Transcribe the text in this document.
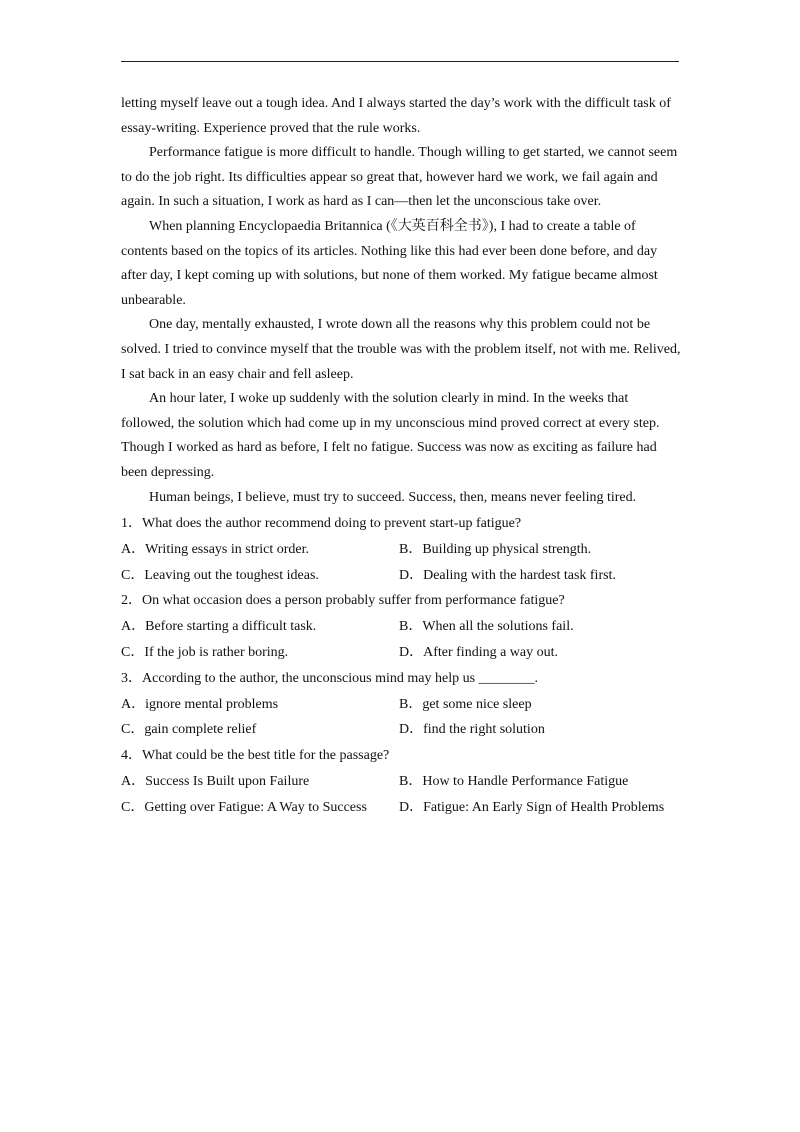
letting myself leave out a tough idea. And I always started the day’s work with the difficult task of essay-writing. Experience proved that the rule works.

Performance fatigue is more difficult to handle. Though willing to get started, we cannot seem to do the job right. Its difficulties appear so great that, however hard we work, we fail again and again. In such a situation, I work as hard as I can—then let the unconscious take over.

When planning Encyclopaedia Britannica (《大英百科全书》), I had to create a table of contents based on the topics of its articles. Nothing like this had ever been done before, and day after day, I kept coming up with solutions, but none of them worked. My fatigue became almost unbearable.

One day, mentally exhausted, I wrote down all the reasons why this problem could not be solved. I tried to convince myself that the trouble was with the problem itself, not with me. Relived, I sat back in an easy chair and fell asleep.

An hour later, I woke up suddenly with the solution clearly in mind. In the weeks that followed, the solution which had come up in my unconscious mind proved correct at every step. Though I worked as hard as before, I felt no fatigue. Success was now as exciting as failure had been depressing.

Human beings, I believe, must try to succeed. Success, then, means never feeling tired.

1．What does the author recommend doing to prevent start-up fatigue?
A．Writing essays in strict order.	B．Building up physical strength.
C．Leaving out the toughest ideas.	D．Dealing with the hardest task first.
2．On what occasion does a person probably suffer from performance fatigue?
A．Before starting a difficult task.	B．When all the solutions fail.
C．If the job is rather boring.	D．After finding a way out.
3．According to the author, the unconscious mind may help us ________.
A．ignore mental problems	B．get some nice sleep
C．gain complete relief	D．find the right solution
4．What could be the best title for the passage?
A．Success Is Built upon Failure	B．How to Handle Performance Fatigue
C．Getting over Fatigue: A Way to Success D．Fatigue: An Early Sign of Health Problems
